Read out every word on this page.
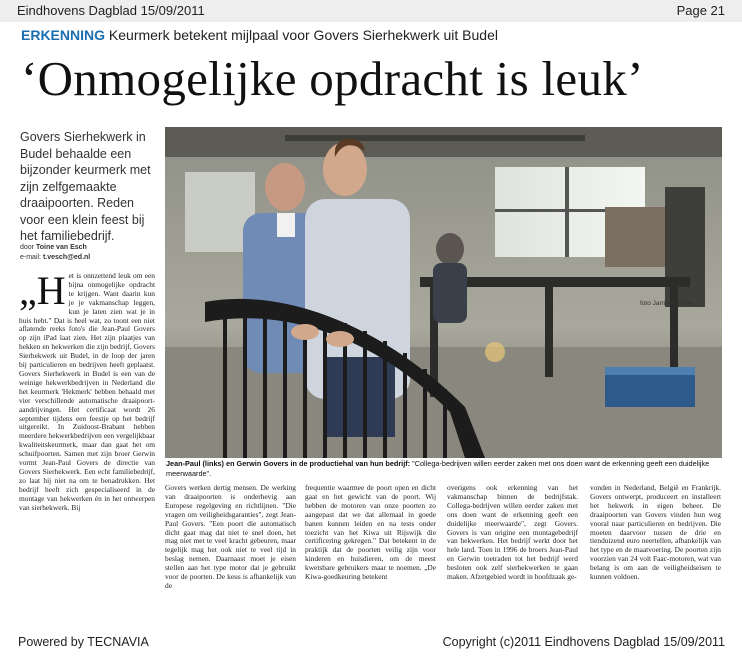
Eindhovens Dagblad 15/09/2011	Page 21
ERKENNING Keurmerk betekent mijlpaal voor Govers Sierhekwerk uit Budel
‘Onmogelijke opdracht is leuk’
Govers Sierhekwerk in Budel behaalde een bijzonder keurmerk met zijn zelfgemaakte draaipoorten. Reden voor een klein feest bij het familiebedrijf.
door Toine van Esch
e-mail: t.vesch@ed.nl
foto Jarriaan Balke
Jean-Paul (links) en Gerwin Govers in de productiehal van hun bedrijf: "Collega-bedrijven willen eerder zaken met ons doen want de erkenning geeft een duidelijke meerwaarde".
„Het is onnzettend leuk om een bijna onmogelijke opdracht te krijgen. Want daarin kun je je vakmanschap leggen, kun je laten zien wat je in huis hebt." Dat is heel wat, zo toont een niet aflatende reeks foto's die Jean-Paul Govers op zijn iPad laat zien. Het zijn plaatjes van hekken en hekwerken die zijn bedrijf, Govers Sierhekwerk uit Budel, in de loop der jaren bij particulieren en bedrijven heeft geplaatst. Govers Sierhekwerk in Budel is een van de weinige hekwerkbedrijven in Nederland die het keurmerk 'Hekmerk' hebben behaald met vier verschillende automatische draaipoort-aandrijvingen. Het certificaat wordt 26 september tijdens een feestje op het bedrijf uitgereikt. In Zuidoost-Brabant hebben meerdere hekwerkbedrijven een vergelijkbaar kwaliteitskeurmerk, maar dan gaat het om schuifpoorten. Samen met zijn broer Gerwin vormt Jean-Paul Govers de directie van Govers Sierhekwerk. Een echt familiebedrijf, zo laat hij niet na om te benadrukken. Het bedrijf heeft zich gespecialiseerd in de montage van hekwerken én in het ontwerpen van sierhekwerk. Bij
Govers werken dertig mensen. De werking van draaipoorten is onderhevig aan Europese regelgeving en richtlijnen. "Die vragen om veiligheidsgaranties", zegt Jean-Paul Govers. "Een poort die automatisch dicht gaat mag dat niet te snel doen, het mag niet met te veel kracht gebeuren, maar tegelijk mag het ook niet te veel tijd in beslag nemen. Daarnaast moet je eisen stellen aan het type motor dat je gebruikt voor de poorten. De keus is afhankelijk van de
frequentie waarmee de poort open en dicht gaat en het gewicht van de poort. Wij hebben de motoren van onze poorten zo aangepast dat we dat allemaal in goede banen kunnen leiden en na tests onder toezicht van het Kiwa uit Rijswijk die certificering gekregen." Dat betekent in de praktijk dat de poorten veilig zijn voor kinderen en huisdieren, om de meest kwetsbare gebruikers maar te noemen. „De Kiwa-goedkeuring betekent
overigens ook erkenning van het vakmanschap binnen de bedrijfstak. Collega-bedrijven willen eerder zaken met ons doen want de erkenning geeft een duidelijke meerwaarde", zegt Govers. Govers is van origine een montagebedrijf van hekwerken. Het bedrijf werkt door het hele land. Toen in 1996 de broers Jean-Paul en Gerwin toetraden tot het bedrijf werd besloten ook zelf sierhekwerken te gaan maken. Afzetgebied wordt in hoofdzaak ge-
vonden in Nederland, België en Frankrijk. Govers ontwerpt, produceert en installeert het hekwerk in eigen beheer. De draaipoorten van Govers vinden hun weg vooral naar particulieren en bedrijven. Die moeten daarvoor tussen de drie en tienduizend euro neertellen, afhankelijk van het type en de maatvoering. De poorten zijn voorzien van 24 volt Faac-motoren, wat van belang is om aan de veiligheidseisen te kunnen voldoen.
Powered by TECNAVIA	Copyright (c)2011 Eindhovens Dagblad 15/09/2011
